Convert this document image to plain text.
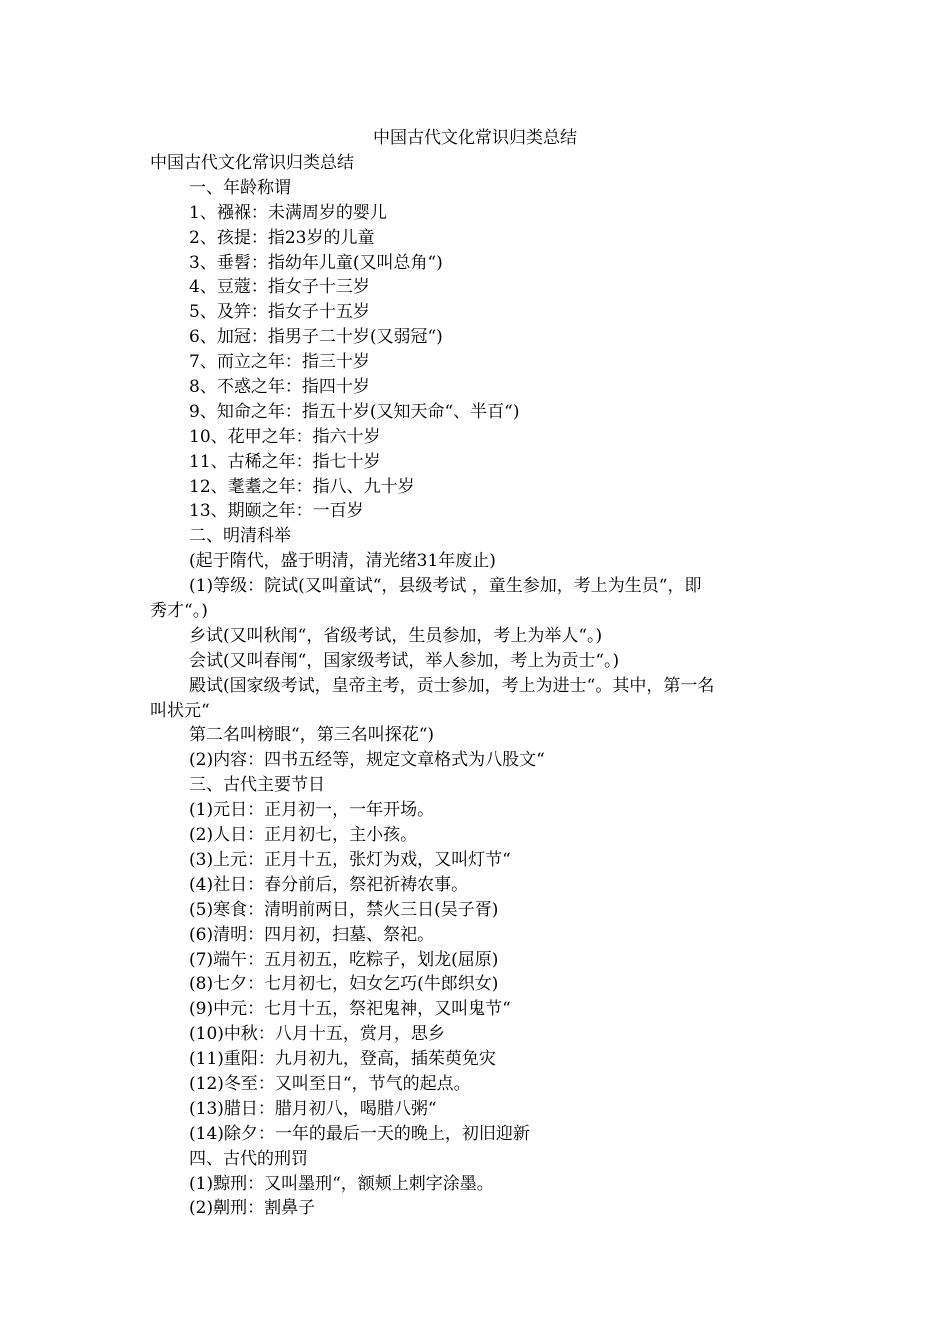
中国古代文化常识归类总结
中国古代文化常识归类总结
一、年龄称谓
1、襁褓：未满周岁的婴儿
2、孩提：指23岁的儿童
3、垂髫：指幼年儿童(又叫总角“)
4、豆蔻：指女子十三岁
5、及笄：指女子十五岁
6、加冠：指男子二十岁(又弱冠“)
7、而立之年：指三十岁
8、不惑之年：指四十岁
9、知命之年：指五十岁(又知天命“、半百“)
10、花甲之年：指六十岁
11、古稀之年：指七十岁
12、耄耋之年：指八、九十岁
13、期颐之年：一百岁
二、明清科举
(起于隋代，盛于明清，清光绪31年废止)
(1)等级：院试(又叫童试“，县级考试 ，童生参加，考上为生员“，即
秀才“。)
乡试(又叫秋闱“，省级考试，生员参加，考上为举人“。)
会试(又叫春闱“，国家级考试，举人参加，考上为贡士“。)
殿试(国家级考试，皇帝主考，贡士参加，考上为进士“。其中，第一名
叫状元“
第二名叫榜眼“，第三名叫探花“)
(2)内容：四书五经等，规定文章格式为八股文“
三、古代主要节日
(1)元日：正月初一，一年开场。
(2)人日：正月初七，主小孩。
(3)上元：正月十五，张灯为戏，又叫灯节“
(4)社日：春分前后，祭祀祈祷农事。
(5)寒食：清明前两日，禁火三日(吴子胥)
(6)清明：四月初，扫墓、祭祀。
(7)端午：五月初五，吃粽子，划龙(屈原)
(8)七夕：七月初七，妇女乞巧(牛郎织女)
(9)中元：七月十五，祭祀鬼神，又叫鬼节“
(10)中秋：八月十五，赏月，思乡
(11)重阳：九月初九，登高，插茱萸免灾
(12)冬至：又叫至日“，节气的起点。
(13)腊日：腊月初八，喝腊八粥“
(14)除夕：一年的最后一天的晚上，初旧迎新
四、古代的刑罚
(1)黥刑：又叫墨刑“，额颊上刺字涂墨。
(2)劓刑：割鼻子
